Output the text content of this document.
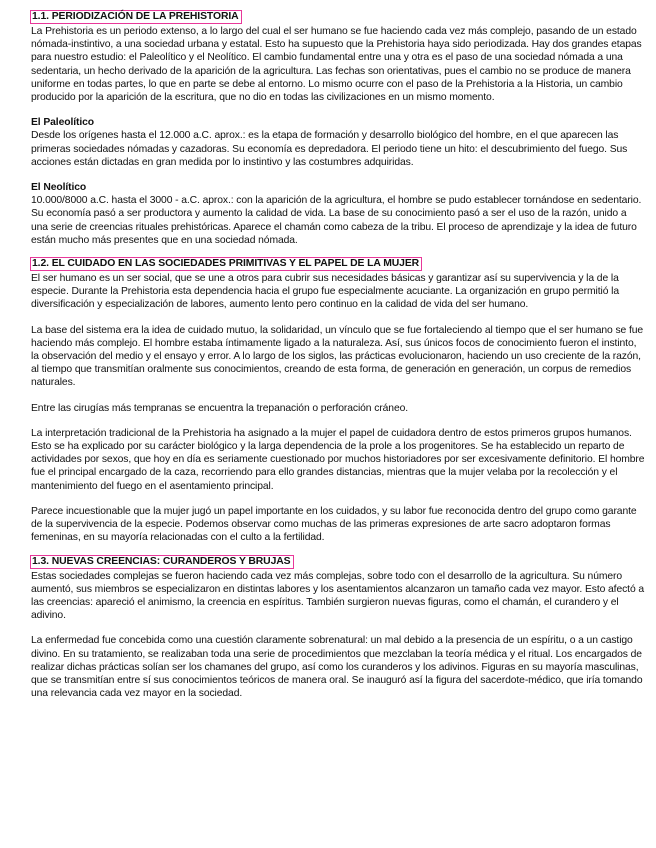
1.1. PERIODIZACIÓN DE LA PREHISTORIA

La Prehistoria es un periodo extenso, a lo largo del cual el ser humano se fue haciendo cada vez más complejo, pasando de un estado nómada-instintivo, a una sociedad urbana y estatal. Esto ha supuesto que la Prehistoria haya sido periodizada. Hay dos grandes etapas para nuestro estudio: el Paleolítico y el Neolítico. El cambio fundamental entre una y otra es el paso de una sociedad nómada a una sedentaria, un hecho derivado de la aparición de la agricultura. Las fechas son orientativas, pues el cambio no se produce de manera uniforme en todas partes, lo que en parte se debe al entorno. Lo mismo ocurre con el paso de la Prehistoria a la Historia, un cambio producido por la aparición de la escritura, que no dio en todas las civilizaciones en un mismo momento.

El Paleolítico

Desde los orígenes hasta el 12.000 a.C. aprox.: es la etapa de formación y desarrollo biológico del hombre, en el que aparecen las primeras sociedades nómadas y cazadoras. Su economía es depredadora. El periodo tiene un hito: el descubrimiento del fuego. Sus acciones están dictadas en gran medida por lo instintivo y las costumbres adquiridas.

El Neolítico

10.000/8000 a.C. hasta el 3000 - a.C. aprox.: con la aparición de la agricultura, el hombre se pudo establecer tornándose en sedentario. Su economía pasó a ser productora y aumento la calidad de vida. La base de su conocimiento pasó a ser el uso de la razón, unido a una serie de creencias rituales prehistóricas. Aparece el chamán como cabeza de la tribu. El proceso de aprendizaje y la idea de futuro están mucho más presentes que en una sociedad nómada.

1.2. EL CUIDADO EN LAS SOCIEDADES PRIMITIVAS Y EL PAPEL DE LA MUJER

El ser humano es un ser social, que se une a otros para cubrir sus necesidades básicas y garantizar así su supervivencia y la de la especie. Durante la Prehistoria esta dependencia hacia el grupo fue especialmente acuciante. La organización en grupo permitió la diversificación y especialización de labores, aumento lento pero continuo en la calidad de vida del ser humano.

La base del sistema era la idea de cuidado mutuo, la solidaridad, un vínculo que se fue fortaleciendo al tiempo que el ser humano se fue haciendo más complejo. El hombre estaba íntimamente ligado a la naturaleza. Así, sus únicos focos de conocimiento fueron el instinto, la observación del medio y el ensayo y error. A lo largo de los siglos, las prácticas evolucionaron, haciendo un uso creciente de la razón, al tiempo que transmitían oralmente sus conocimientos, creando de esta forma, de generación en generación, un corpus de remedios naturales.

Entre las cirugías más tempranas se encuentra la trepanación o perforación cráneo.

La interpretación tradicional de la Prehistoria ha asignado a la mujer el papel de cuidadora dentro de estos primeros grupos humanos. Esto se ha explicado por su carácter biológico y la larga dependencia de la prole a los progenitores. Se ha establecido un reparto de actividades por sexos, que hoy en día es seriamente cuestionado por muchos historiadores por ser excesivamente definitorio. El hombre fue el principal encargado de la caza, recorriendo para ello grandes distancias, mientras que la mujer velaba por la recolección y el mantenimiento del fuego en el asentamiento principal.

Parece incuestionable que la mujer jugó un papel importante en los cuidados, y su labor fue reconocida dentro del grupo como garante de la supervivencia de la especie. Podemos observar como muchas de las primeras expresiones de arte sacro adoptaron formas femeninas, en su mayoría relacionadas con el culto a la fertilidad.

1.3. NUEVAS CREENCIAS: CURANDEROS Y BRUJAS

Estas sociedades complejas se fueron haciendo cada vez más complejas, sobre todo con el desarrollo de la agricultura. Su número aumentó, sus miembros se especializaron en distintas labores y los asentamientos alcanzaron un tamaño cada vez mayor. Esto afectó a las creencias: apareció el animismo, la creencia en espíritus. También surgieron nuevas figuras, como el chamán, el curandero y el adivino.

La enfermedad fue concebida como una cuestión claramente sobrenatural: un mal debido a la presencia de un espíritu, o a un castigo divino. En su tratamiento, se realizaban toda una serie de procedimientos que mezclaban la teoría médica y el ritual. Los encargados de realizar dichas prácticas solían ser los chamanes del grupo, así como los curanderos y los adivinos. Figuras en su mayoría masculinas, que se transmitían entre sí sus conocimientos teóricos de manera oral. Se inauguró así la figura del sacerdote-médico, que iría tomando una relevancia cada vez mayor en la sociedad.
